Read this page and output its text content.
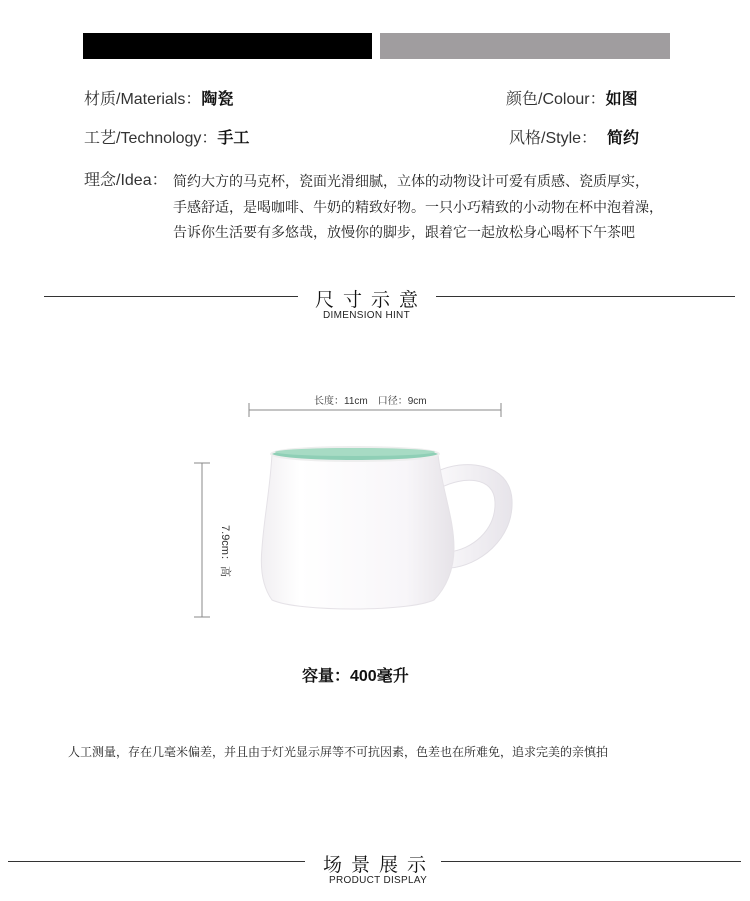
材质/Materials：陶瓷	颜色/Colour：如图
工艺/Technology：手工	风格/Style： 简约
理念/Idea： 简约大方的马克杯，瓷面光滑细腻，立体的动物设计可爱有质感、瓷质厚实，
手感舒适，是喝咖啡、牛奶的精致好物。一只小巧精致的小动物在杯中泡着澡，
告诉你生活要有多悠哉，放慢你的脚步，跟着它一起放松身心喝杯下午茶吧
尺寸示意
DIMENSION HINT
长度：11cm　口径：9cm
7.9cm：高
容量：400毫升
人工测量，存在几毫米偏差，并且由于灯光显示屏等不可抗因素，色差也在所难免，追求完美的亲慎拍
场景展示
PRODUCT DISPLAY
